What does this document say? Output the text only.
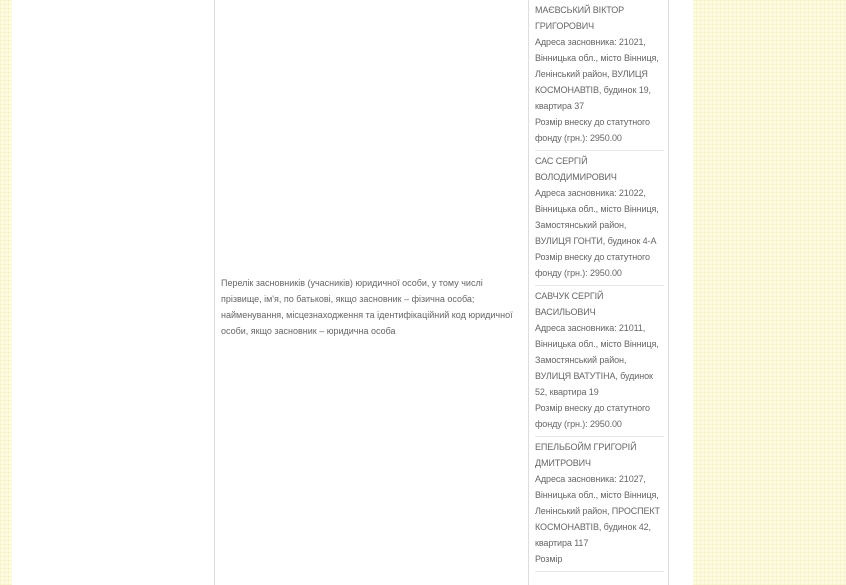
Перелік засновників (учасників) юридичної особи, у тому числі прізвище, ім'я, по батькові, якщо засновник – фізична особа; найменування, місцезнаходження та ідентифікаційний код юридичної особи, якщо засновник – юридична особа

МАЄВСЬКИЙ ВІКТОР ГРИГОРОВИЧ

Адреса засновника: 21021, Вінницька обл., місто Вінниця, Ленінський район, ВУЛИЦЯ КОСМОНАВТІВ, будинок 19, квартира 37

Розмір внеску до статутного фонду (грн.): 2950.00

САС СЕРГІЙ ВОЛОДИМИРОВИЧ

Адреса засновника: 21022, Вінницька обл., місто Вінниця, Замостянський район, ВУЛИЦЯ ГОНТИ, будинок 4-А

Розмір внеску до статутного фонду (грн.): 2950.00

САВЧУК СЕРГІЙ ВАСИЛЬОВИЧ

Адреса засновника: 21011, Вінницька обл., місто Вінниця, Замостянський район, ВУЛИЦЯ ВАТУТІНА, будинок 52, квартира 19

Розмір внеску до статутного фонду (грн.): 2950.00

ЕПЕЛЬБОЙМ ГРИГОРІЙ ДМИТРОВИЧ

Адреса засновника: 21027, Вінницька обл., місто Вінниця, Ленінський район, ПРОСПЕКТ КОСМОНАВТІВ, будинок 42, квартира 117

Розмір
